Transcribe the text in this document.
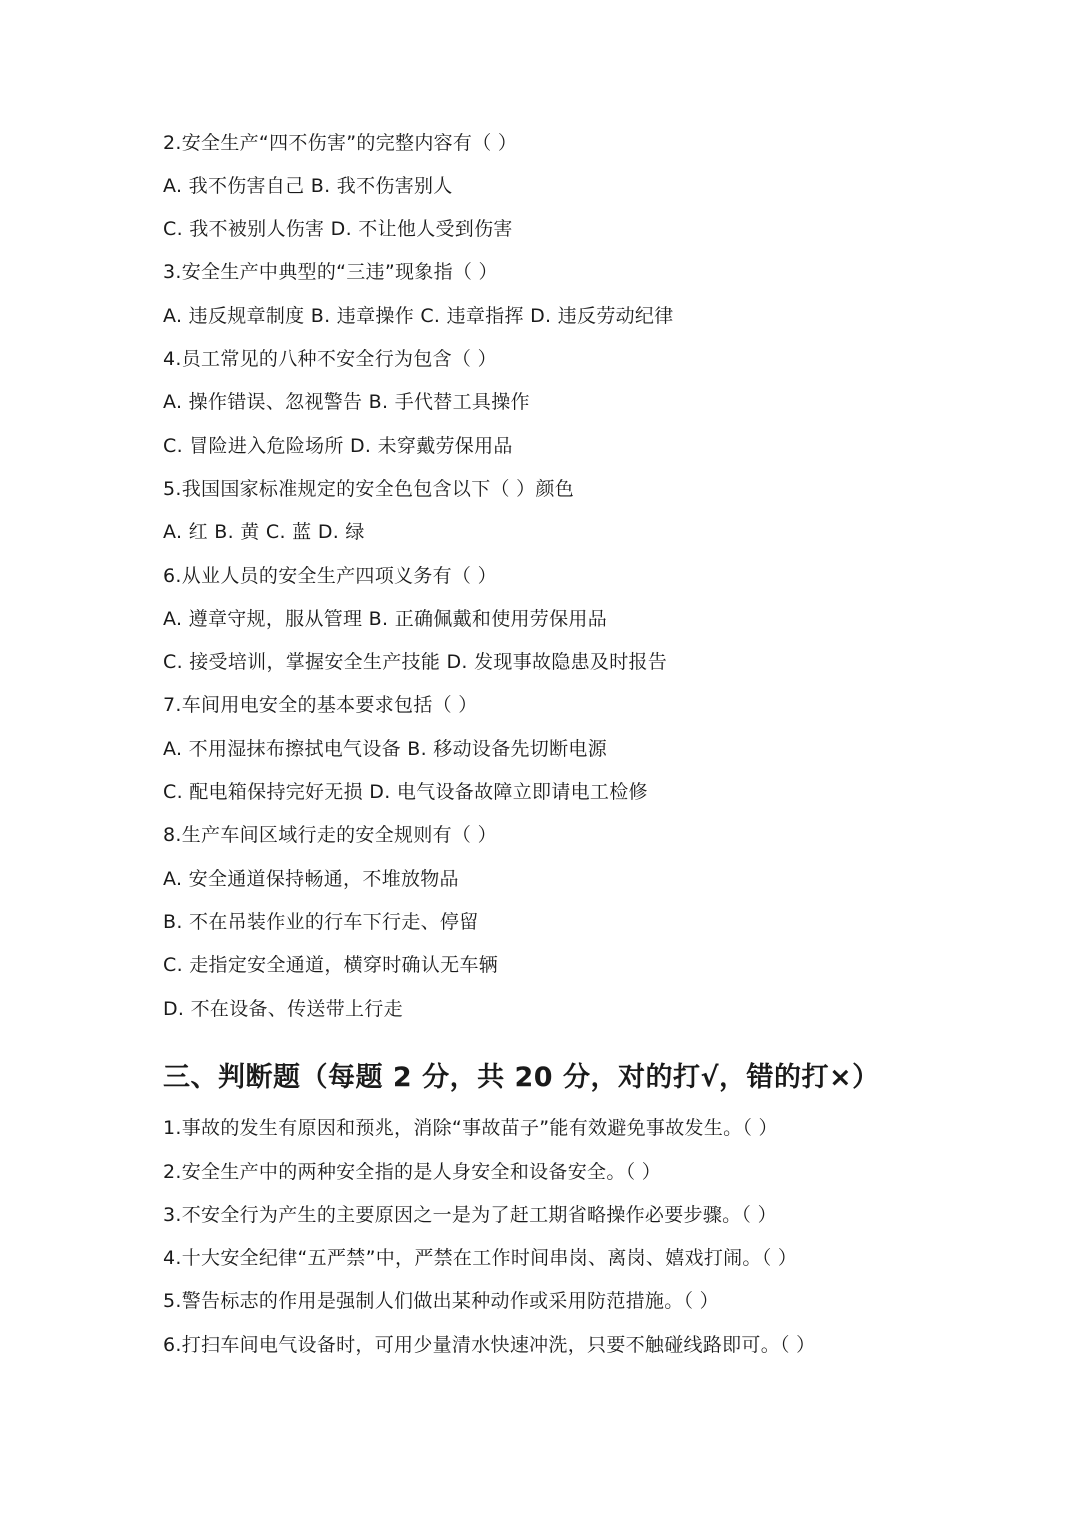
2.安全生产“四不伤害”的完整内容有（ ）
A. 我不伤害自己 B. 我不伤害别人
C. 我不被别人伤害 D. 不让他人受到伤害
3.安全生产中典型的“三违”现象指（ ）
A. 违反规章制度 B. 违章操作 C. 违章指挥 D. 违反劳动纪律
4.员工常见的八种不安全行为包含（ ）
A. 操作错误、忽视警告 B. 手代替工具操作
C. 冒险进入危险场所 D. 未穿戴劳保用品
5.我国国家标准规定的安全色包含以下（ ）颜色
A. 红 B. 黄 C. 蓝 D. 绿
6.从业人员的安全生产四项义务有（ ）
A. 遵章守规，服从管理 B. 正确佩戴和使用劳保用品
C. 接受培训，掌握安全生产技能 D. 发现事故隐患及时报告
7.车间用电安全的基本要求包括（ ）
A. 不用湿抹布擦拭电气设备 B. 移动设备先切断电源
C. 配电箱保持完好无损 D. 电气设备故障立即请电工检修
8.生产车间区域行走的安全规则有（ ）
A. 安全通道保持畅通，不堆放物品
B. 不在吊装作业的行车下行走、停留
C. 走指定安全通道，横穿时确认无车辆
D. 不在设备、传送带上行走
三、判断题（每题 2 分，共 20 分，对的打√，错的打×）
1.事故的发生有原因和预兆，消除“事故苗子”能有效避免事故发生。（ ）
2.安全生产中的两种安全指的是人身安全和设备安全。（ ）
3.不安全行为产生的主要原因之一是为了赶工期省略操作必要步骤。（ ）
4.十大安全纪律“五严禁”中，严禁在工作时间串岗、离岗、嬉戏打闹。（ ）
5.警告标志的作用是强制人们做出某种动作或采用防范措施。（ ）
6.打扫车间电气设备时，可用少量清水快速冲洗，只要不触碰线路即可。（ ）
